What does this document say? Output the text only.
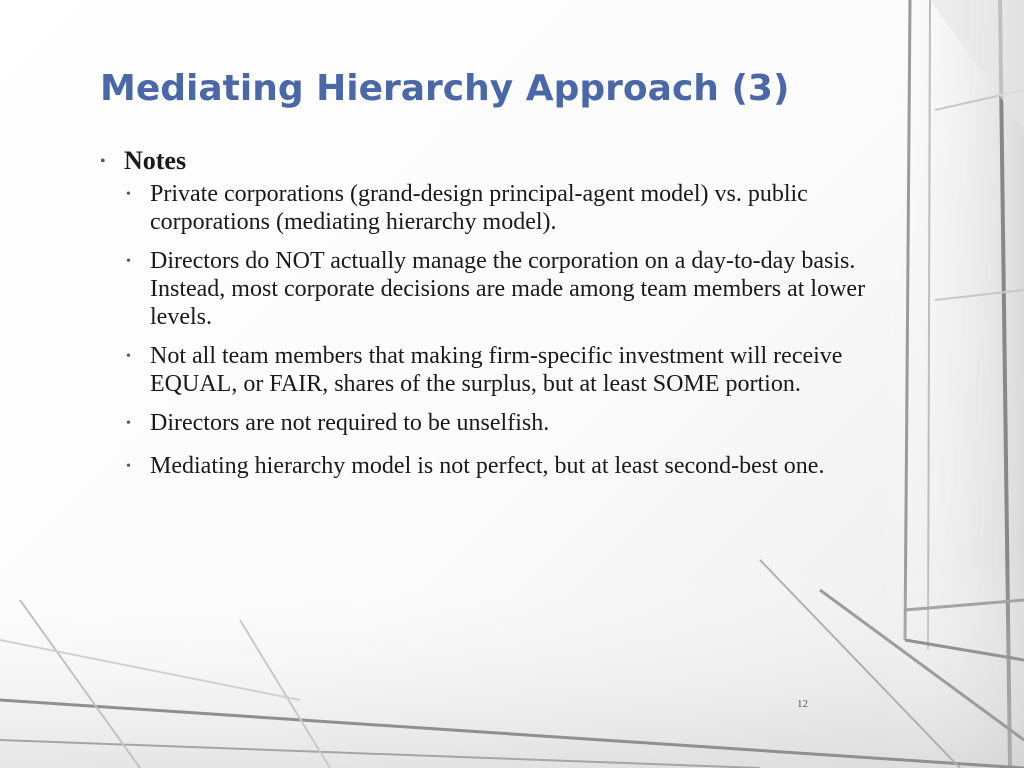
Mediating Hierarchy Approach (3)
• Notes
• Private corporations (grand-design principal-agent model) vs. public corporations (mediating hierarchy model).
• Directors do NOT actually manage the corporation on a day-to-day basis. Instead, most corporate decisions are made among team members at lower levels.
• Not all team members that making firm-specific investment will receive EQUAL, or FAIR, shares of the surplus, but at least SOME portion.
• Directors are not required to be unselfish.
• Mediating hierarchy model is not perfect, but at least second-best one.
12
